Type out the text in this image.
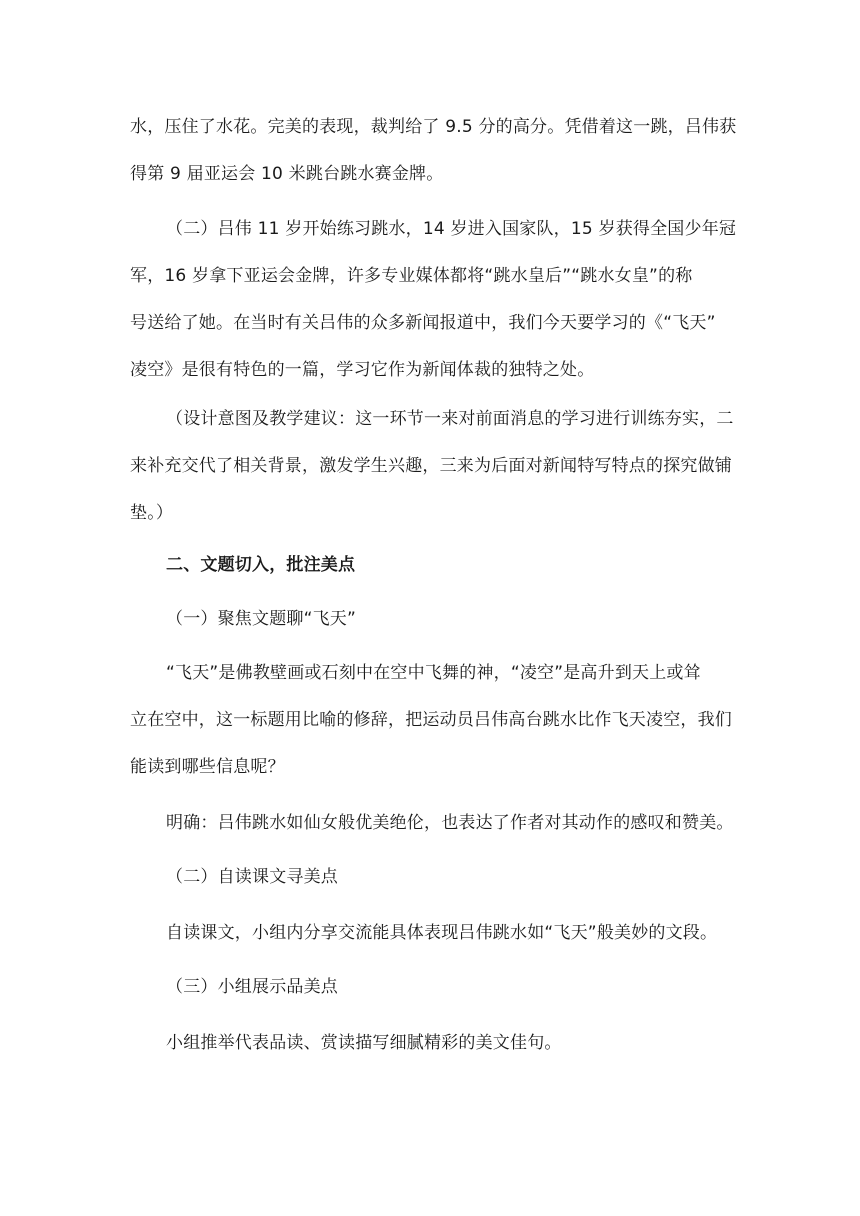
水，压住了水花。完美的表现，裁判给了 9.5 分的高分。凭借着这一跳，吕伟获
得第 9 届亚运会 10 米跳台跳水赛金牌。

（二）吕伟 11 岁开始练习跳水，14 岁进入国家队，15 岁获得全国少年冠
军，16 岁拿下亚运会金牌，许多专业媒体都将“跳水皇后”“跳水女皇”的称
号送给了她。在当时有关吕伟的众多新闻报道中，我们今天要学习的《“飞天”
凌空》是很有特色的一篇，学习它作为新闻体裁的独特之处。

（设计意图及教学建议：这一环节一来对前面消息的学习进行训练夯实，二
来补充交代了相关背景，激发学生兴趣，三来为后面对新闻特写特点的探究做铺
垫。）

二、文题切入，批注美点

（一）聚焦文题聊“飞天”

“飞天”是佛教壁画或石刻中在空中飞舞的神，“凌空”是高升到天上或耸
立在空中，这一标题用比喻的修辞，把运动员吕伟高台跳水比作飞天凌空，我们
能读到哪些信息呢？

明确：吕伟跳水如仙女般优美绝伦，也表达了作者对其动作的感叹和赞美。

（二）自读课文寻美点

自读课文，小组内分享交流能具体表现吕伟跳水如“飞天”般美妙的文段。

（三）小组展示品美点

小组推举代表品读、赏读描写细腻精彩的美文佳句。
